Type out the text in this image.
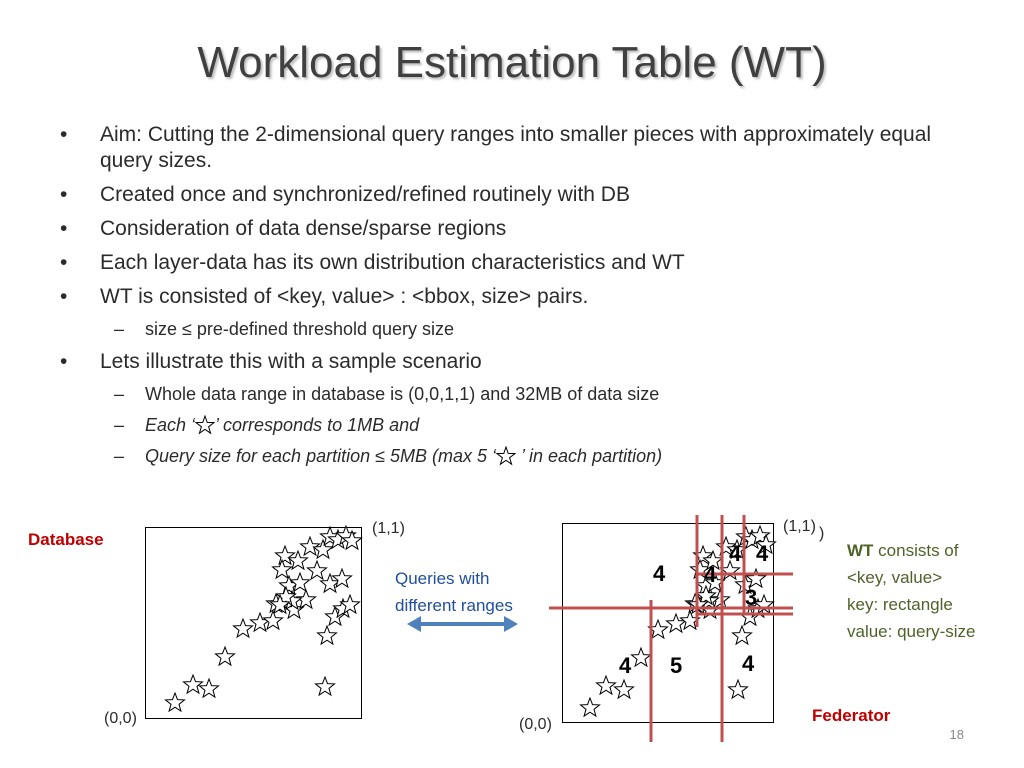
Workload Estimation Table (WT)
• Aim: Cutting the 2-dimensional query ranges into smaller pieces with approximately equal query sizes.
• Created once and synchronized/refined routinely with DB
• Consideration of data dense/sparse regions
• Each layer-data has its own distribution characteristics and WT
• WT is consisted of <key, value> : <bbox, size> pairs.
– size ≤ pre-defined threshold query size
• Lets illustrate this with a sample scenario
– Whole data range in database is (0,0,1,1) and 32MB of data size
– Each ‘ ’ corresponds to 1MB and
– Query size for each partition ≤ 5MB (max 5 ‘ ’ in each partition)
Database
(1,1)
(0,0)
Queries with
different ranges
(1,1) )
(0,0)
4 4
4 4
3
4 5	4
Federator
WT consists of
<key, value>
key: rectangle
value: query-size
18
